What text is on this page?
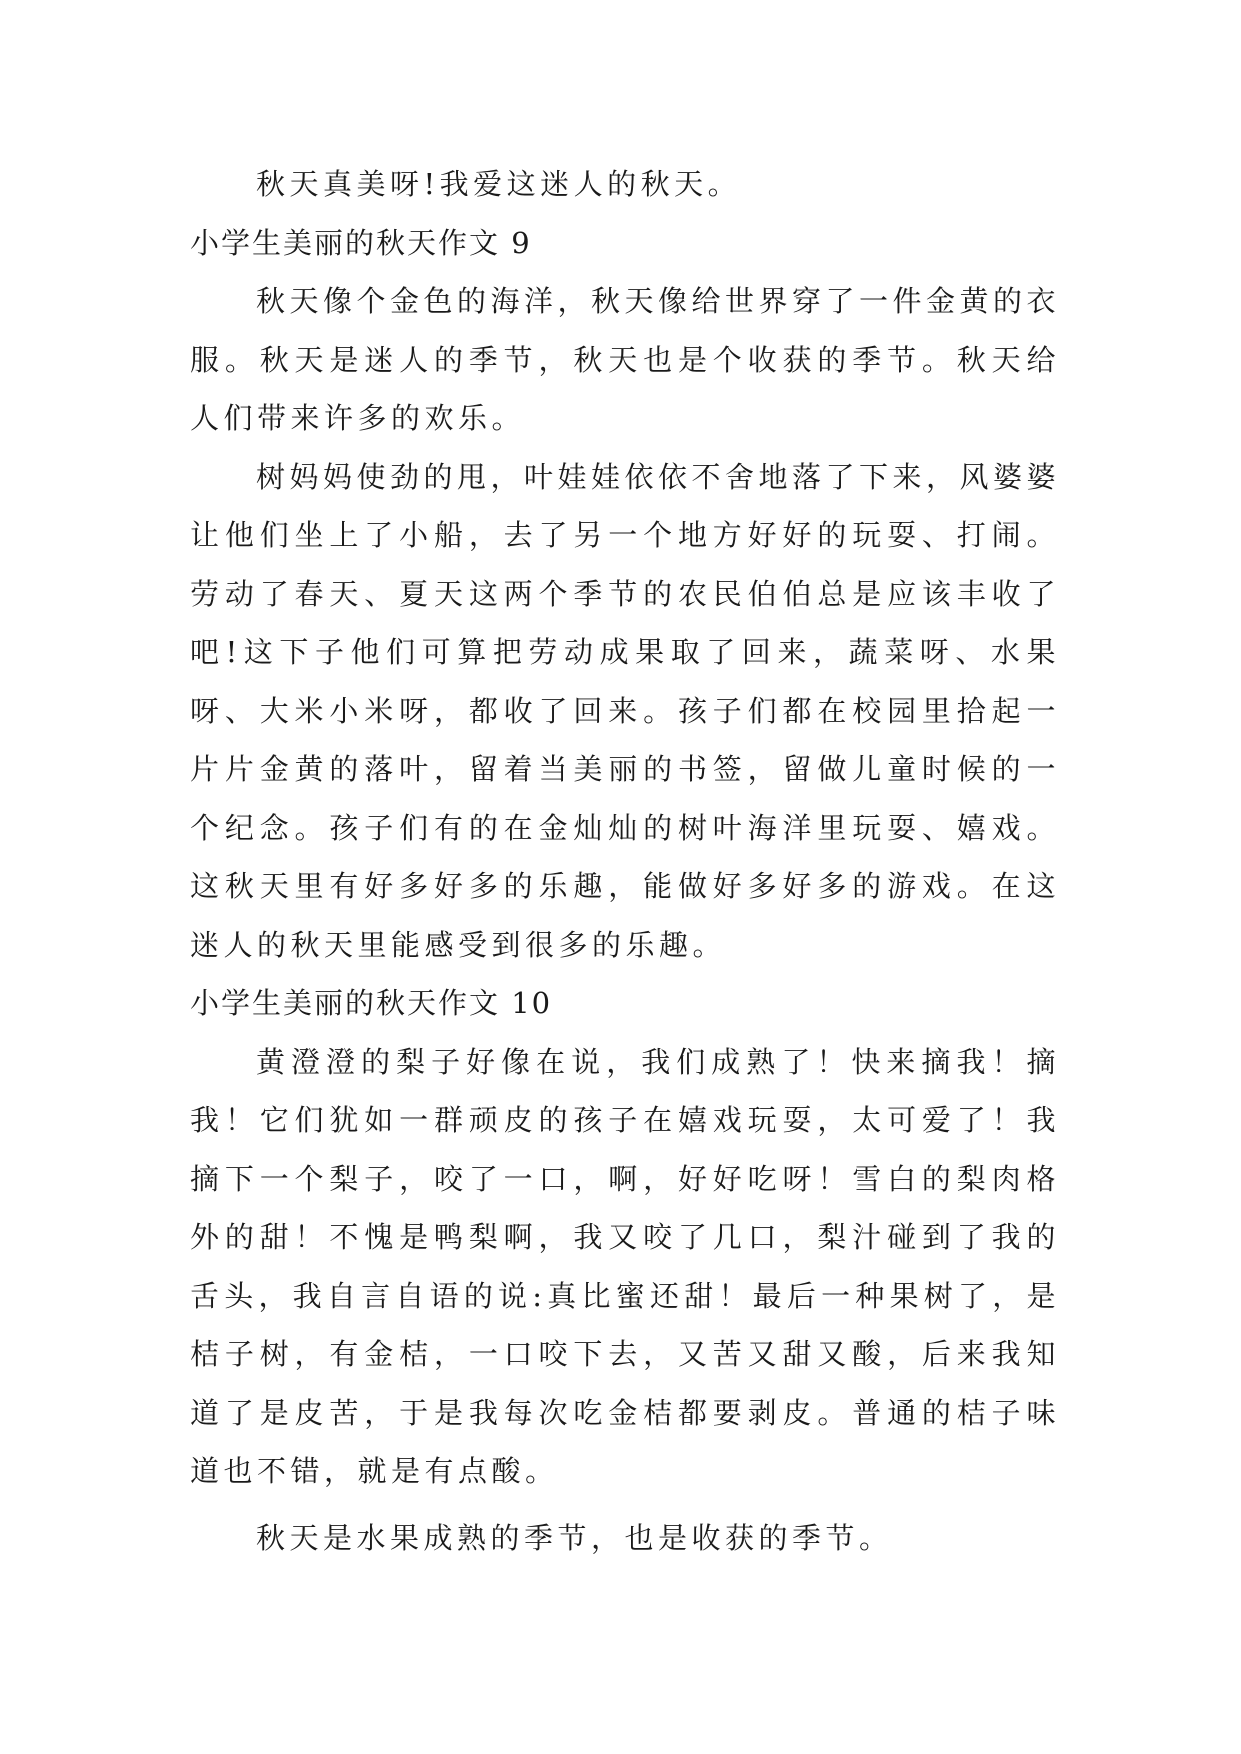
秋天真美呀!我爱这迷人的秋天。

小学生美丽的秋天作文 9

秋天像个金色的海洋，秋天像给世界穿了一件金黄的衣服。秋天是迷人的季节，秋天也是个收获的季节。秋天给人们带来许多的欢乐。

树妈妈使劲的甩，叶娃娃依依不舍地落了下来，风婆婆让他们坐上了小船，去了另一个地方好好的玩耍、打闹。劳动了春天、夏天这两个季节的农民伯伯总是应该丰收了吧!这下子他们可算把劳动成果取了回来，蔬菜呀、水果呀、大米小米呀，都收了回来。孩子们都在校园里拾起一片片金黄的落叶，留着当美丽的书签，留做儿童时候的一个纪念。孩子们有的在金灿灿的树叶海洋里玩耍、嬉戏。这秋天里有好多好多的乐趣，能做好多好多的游戏。在这迷人的秋天里能感受到很多的乐趣。

小学生美丽的秋天作文 10

黄澄澄的梨子好像在说，我们成熟了！快来摘我！摘我！它们犹如一群顽皮的孩子在嬉戏玩耍，太可爱了！我摘下一个梨子，咬了一口，啊，好好吃呀！雪白的梨肉格外的甜！不愧是鸭梨啊，我又咬了几口，梨汁碰到了我的舌头，我自言自语的说:真比蜜还甜！最后一种果树了，是桔子树，有金桔，一口咬下去，又苦又甜又酸，后来我知道了是皮苦，于是我每次吃金桔都要剥皮。普通的桔子味道也不错，就是有点酸。

秋天是水果成熟的季节，也是收获的季节。
